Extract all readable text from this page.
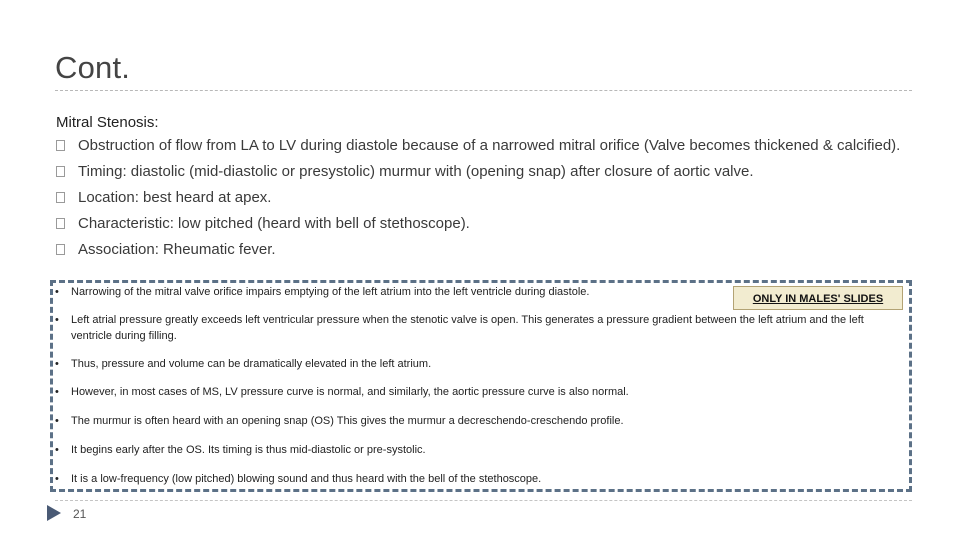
Cont.
Mitral Stenosis:
Obstruction of flow from LA to LV during diastole because of a narrowed mitral orifice (Valve becomes thickened & calcified).
Timing: diastolic (mid-diastolic or presystolic) murmur with (opening snap) after closure of aortic valve.
Location: best heard at apex.
Characteristic: low pitched (heard with bell of stethoscope).
Association: Rheumatic fever.
•	Narrowing of the mitral valve orifice impairs emptying of the left atrium into the left ventricle during diastole.
•	Left atrial pressure greatly exceeds left ventricular pressure when the stenotic valve is open. This generates a pressure gradient between the left atrium and the left ventricle during filling.
•	Thus, pressure and volume can be dramatically elevated in the left atrium.
•	However, in most cases of MS, LV pressure curve is normal, and similarly, the aortic pressure curve is also normal.
•	The murmur is often heard with an opening snap (OS) This gives the murmur a decreschendo-creschendo profile.
•	It begins early after the OS. Its timing is thus mid-diastolic or pre-systolic.
•	It is a low-frequency (low pitched) blowing sound and thus heard with the bell of the stethoscope.
ONLY IN MALES' SLIDES
21
